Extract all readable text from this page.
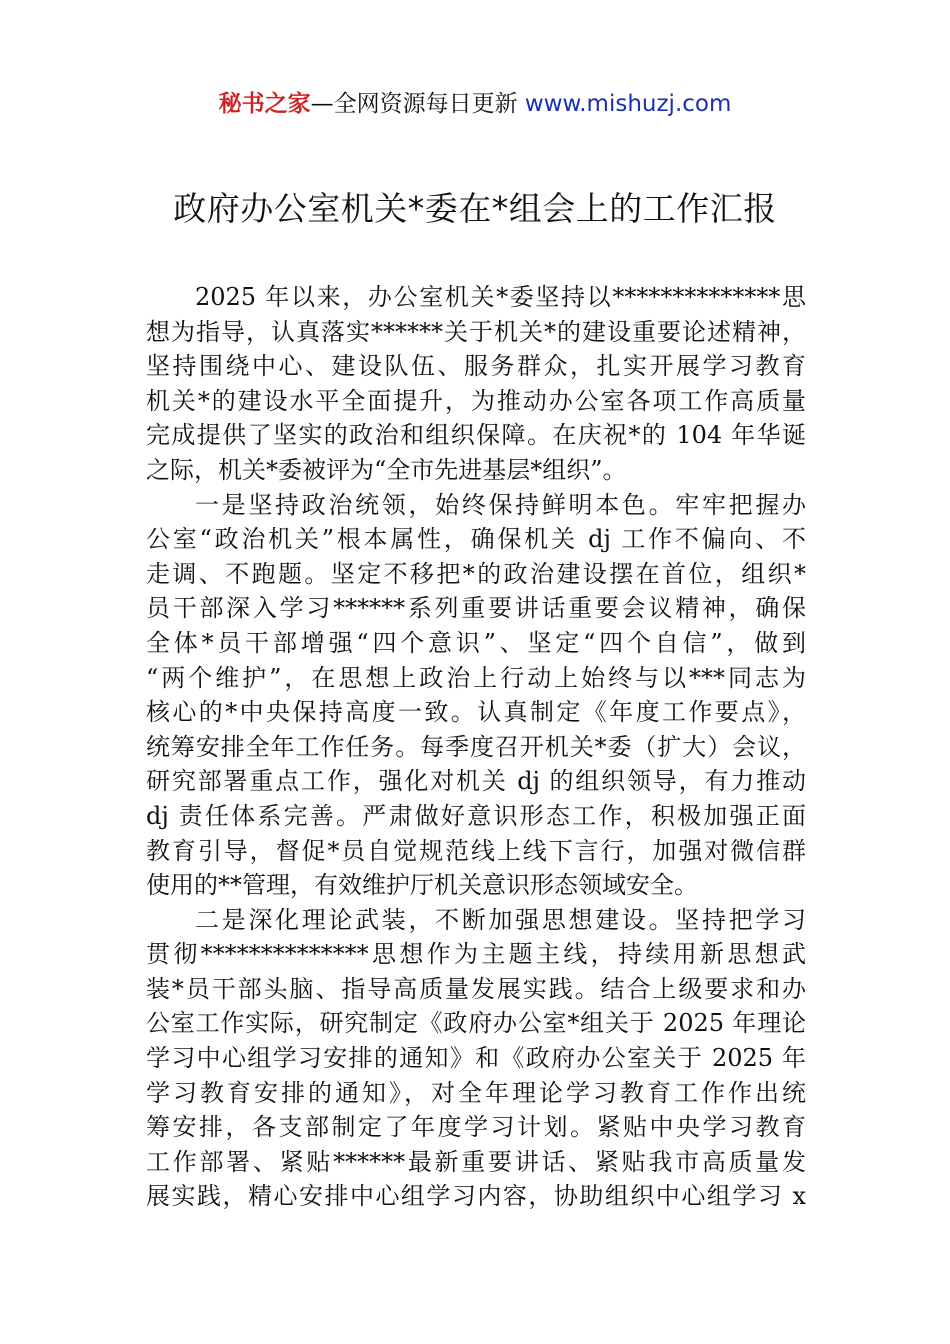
秘书之家—全网资源每日更新 www.mishuzj.com
政府办公室机关*委在*组会上的工作汇报
2025 年以来，办公室机关*委坚持以**************思
想为指导，认真落实******关于机关*的建设重要论述精神，
坚持围绕中心、建设队伍、服务群众，扎实开展学习教育
机关*的建设水平全面提升，为推动办公室各项工作高质量
完成提供了坚实的政治和组织保障。在庆祝*的 104 年华诞
之际，机关*委被评为“全市先进基层*组织”。
一是坚持政治统领，始终保持鲜明本色。牢牢把握办
公室“政治机关”根本属性，确保机关 dj 工作不偏向、不
走调、不跑题。坚定不移把*的政治建设摆在首位，组织*
员干部深入学习******系列重要讲话重要会议精神，确保
全体*员干部增强“四个意识”、坚定“四个自信”，做到
“两个维护”，在思想上政治上行动上始终与以***同志为
核心的*中央保持高度一致。认真制定《年度工作要点》，
统筹安排全年工作任务。每季度召开机关*委（扩大）会议，
研究部署重点工作，强化对机关 dj 的组织领导，有力推动
dj 责任体系完善。严肃做好意识形态工作，积极加强正面
教育引导，督促*员自觉规范线上线下言行，加强对微信群
使用的**管理，有效维护厅机关意识形态领域安全。
二是深化理论武装，不断加强思想建设。坚持把学习
贯彻**************思想作为主题主线，持续用新思想武
装*员干部头脑、指导高质量发展实践。结合上级要求和办
公室工作实际，研究制定《政府办公室*组关于 2025 年理论
学习中心组学习安排的通知》和《政府办公室关于 2025 年
学习教育安排的通知》，对全年理论学习教育工作作出统
筹安排，各支部制定了年度学习计划。紧贴中央学习教育
工作部署、紧贴******最新重要讲话、紧贴我市高质量发
展实践，精心安排中心组学习内容，协助组织中心组学习 x
